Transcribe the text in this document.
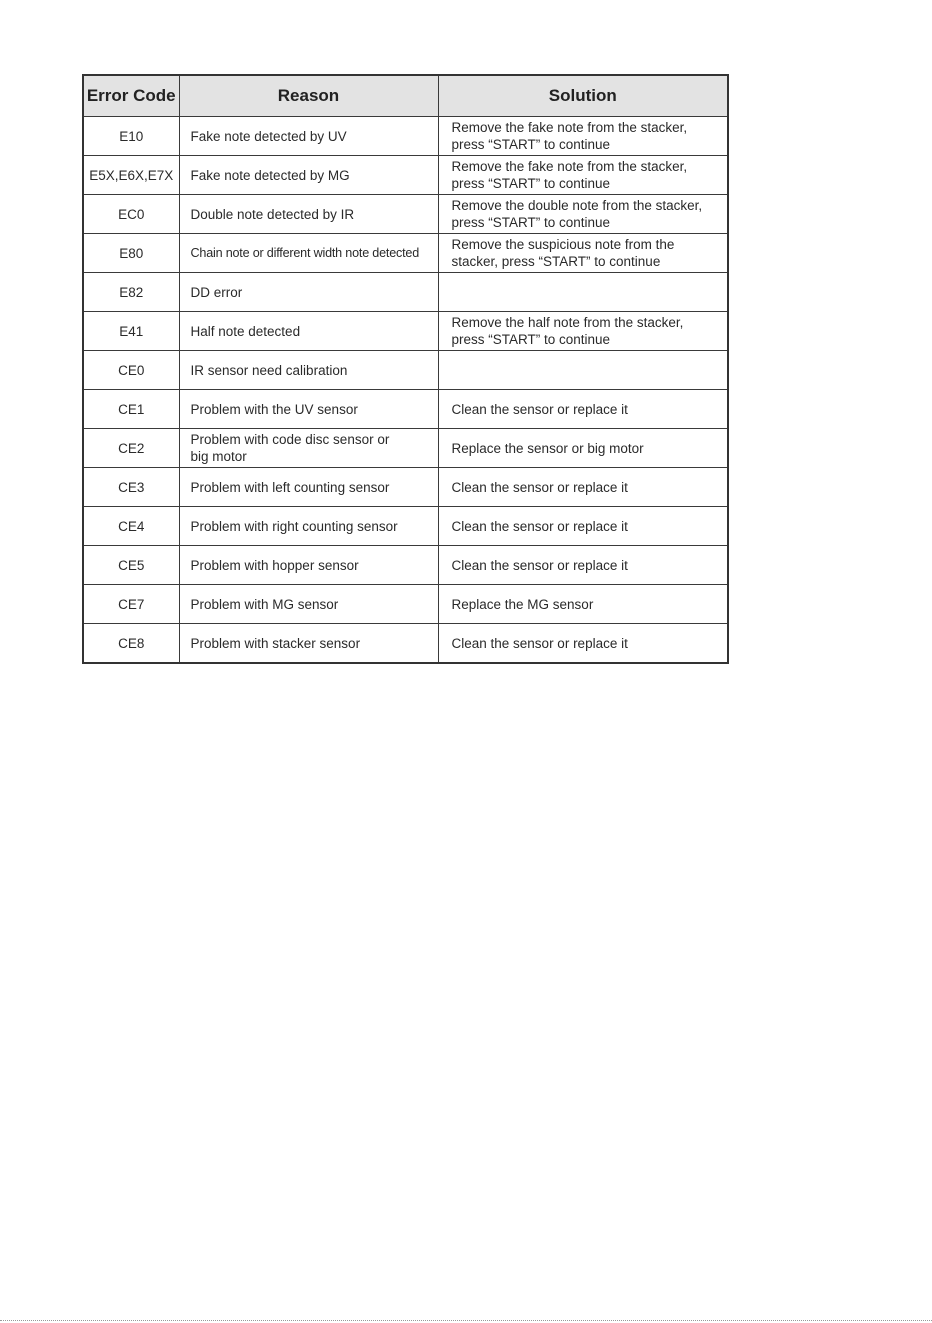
Error Code	Reason	Solution
E10	Fake note detected by UV	Remove the fake note from the stacker,
press “START” to continue
E5X,E6X,E7X	Fake note detected by MG	Remove the fake note from the stacker,
press “START” to continue
EC0	Double note detected by IR	Remove the double note from the stacker,
press “START” to continue
E80	Chain note or different width note detected	Remove the suspicious note from the
stacker, press “START” to continue
E82	DD error	
E41	Half note detected	Remove the half note from the stacker,
press “START” to continue
CE0	IR sensor need calibration	
CE1	Problem with the UV sensor	Clean the sensor or replace it
CE2	Problem with code disc sensor or
big motor	Replace the sensor or big motor
CE3	Problem with left counting sensor	Clean the sensor or replace it
CE4	Problem with right counting sensor	Clean the sensor or replace it
CE5	Problem with hopper sensor	Clean the sensor or replace it
CE7	Problem with MG sensor	Replace the MG sensor
CE8	Problem with stacker sensor	Clean the sensor or replace it
